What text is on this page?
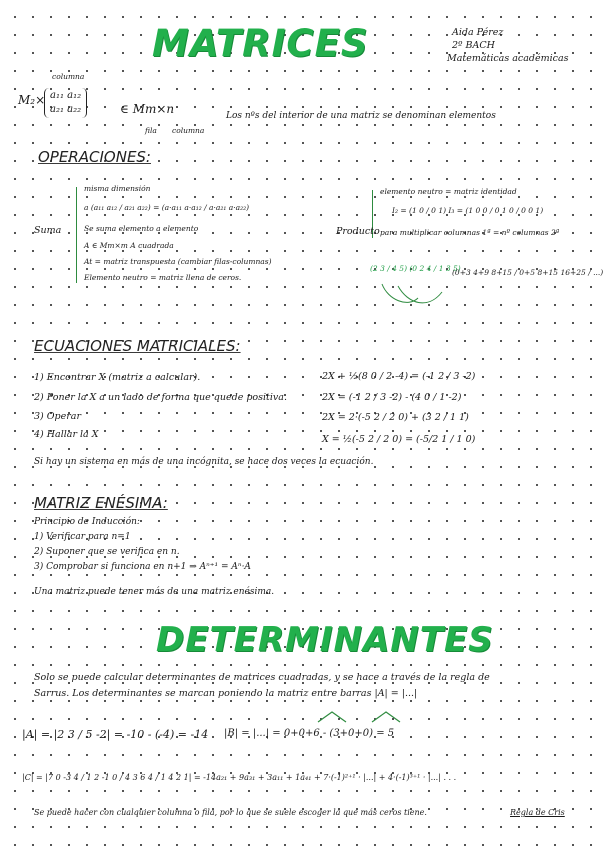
MATRICES	Aida Pérez
2º BACH
Matemáticas académicas
columna
M₂× a₁₁ a₁₂
a₂₁ a₂₂	∈ Mm×n
fila columna
Los nºs del interior de una matriz se denominan elementos
OPERACIONES:
Suma
misma dimensión
a (a₁₁ a₁₂ / a₂₁ a₂₂) = (a·a₁₁ a·a₁₂ / a·a₂₁ a·a₂₂)
Se suma elemento a elemento
A ∈ Mm×m A cuadrada
At = matriz transpuesta (cambiar filas-columnas)
Elemento neutro = matriz llena de ceros.
Producto
elemento neutro = matriz identidad
I₂ = (1 0 / 0 1) I₃ = (1 0 0 / 0 1 0 / 0 0 1)
para multiplicar columnas 1ª = nº columnas 2ª
(2 3 / 4 5) (0 2 4 / 1 3 5)
(0+3 4+9 8+15 / 0+5 8+15 16+25 / ...)
ECUACIONES MATRICIALES:
1) Encontrar X (matriz a calcular).
2) Poner la X a un lado de forma que quede positiva.
3) Operar
4) Hallar la X
2X + ½(8 0 / 2 -4) = (-1 2 / 3 -2)
2X = (-1 2 / 3 -2) - (4 0 / 1 -2)
2X = 2·(-5 2 / 2 0) + (3 2 / 1 1)
X = ½(-5 2 / 2 0) = (-5/2 1 / 1 0)
Si hay un sistema en más de una incógnita, se hace dos veces la ecuación.
MATRIZ ENÉSIMA:
Principio de Inducción:
1) Verificar para n=1
2) Suponer que se verifica en n.
3) Comprobar si funciona en n+1 ⇒ Aⁿ⁺¹ = Aⁿ·A
Una matriz puede tener más de una matriz enésima.
DETERMINANTES
Solo se puede calcular determinantes de matrices cuadradas, y se hace a través de la regla de
Sarrus. Los determinantes se marcan poniendo la matriz entre barras |A| = |...|
|A| = |2 3 / 5 -2| = -10 - (-4) = -14 |B| = |...| = 0+0+6 - (3+0+0) = 5
|C| = |7 0 -3 4 / 1 2 -1 0 / 4 3 6 4 / 1 4 2 1| = -14a₂₁ + 9a₃₁ + 3a₁₁ + 1a₄₁ + 7·(-1)²⁺¹ · |...| + 4·(-1)³⁺¹ · |...| . . .
Se puede hacer con cualquier columna o fila, por lo que se suele escoger la que más ceros tiene.	Regla de Cris
